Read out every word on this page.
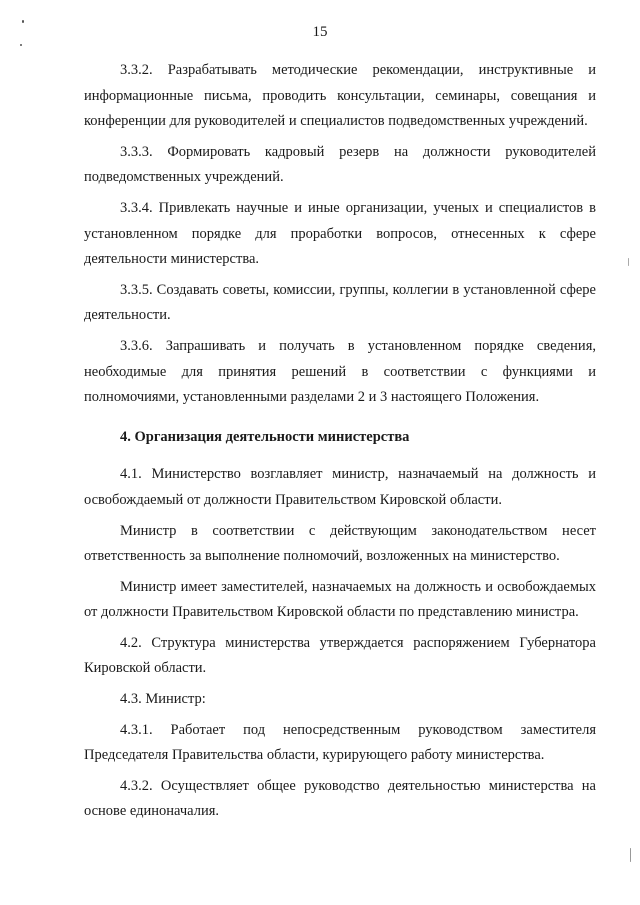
15

3.3.2. Разрабатывать методические рекомендации, инструктивные и информационные письма, проводить консультации, семинары, совещания и конференции для руководителей и специалистов подведомственных учреждений.

3.3.3. Формировать кадровый резерв на должности руководителей подведомственных учреждений.

3.3.4. Привлекать научные и иные организации, ученых и специалистов в установленном порядке для проработки вопросов, отнесенных к сфере деятельности министерства.

3.3.5. Создавать советы, комиссии, группы, коллегии в установленной сфере деятельности.

3.3.6. Запрашивать и получать в установленном порядке сведения, необходимые для принятия решений в соответствии с функциями и полномочиями, установленными разделами 2 и 3 настоящего Положения.

4. Организация деятельности министерства

4.1. Министерство возглавляет министр, назначаемый на должность и освобождаемый от должности Правительством Кировской области.

Министр в соответствии с действующим законодательством несет ответственность за выполнение полномочий, возложенных на министерство.

Министр имеет заместителей, назначаемых на должность и освобождаемых от должности Правительством Кировской области по представлению министра.

4.2. Структура министерства утверждается распоряжением Губернатора Кировской области.

4.3. Министр:

4.3.1. Работает под непосредственным руководством заместителя Председателя Правительства области, курирующего работу министерства.

4.3.2. Осуществляет общее руководство деятельностью министерства на основе единоначалия.
